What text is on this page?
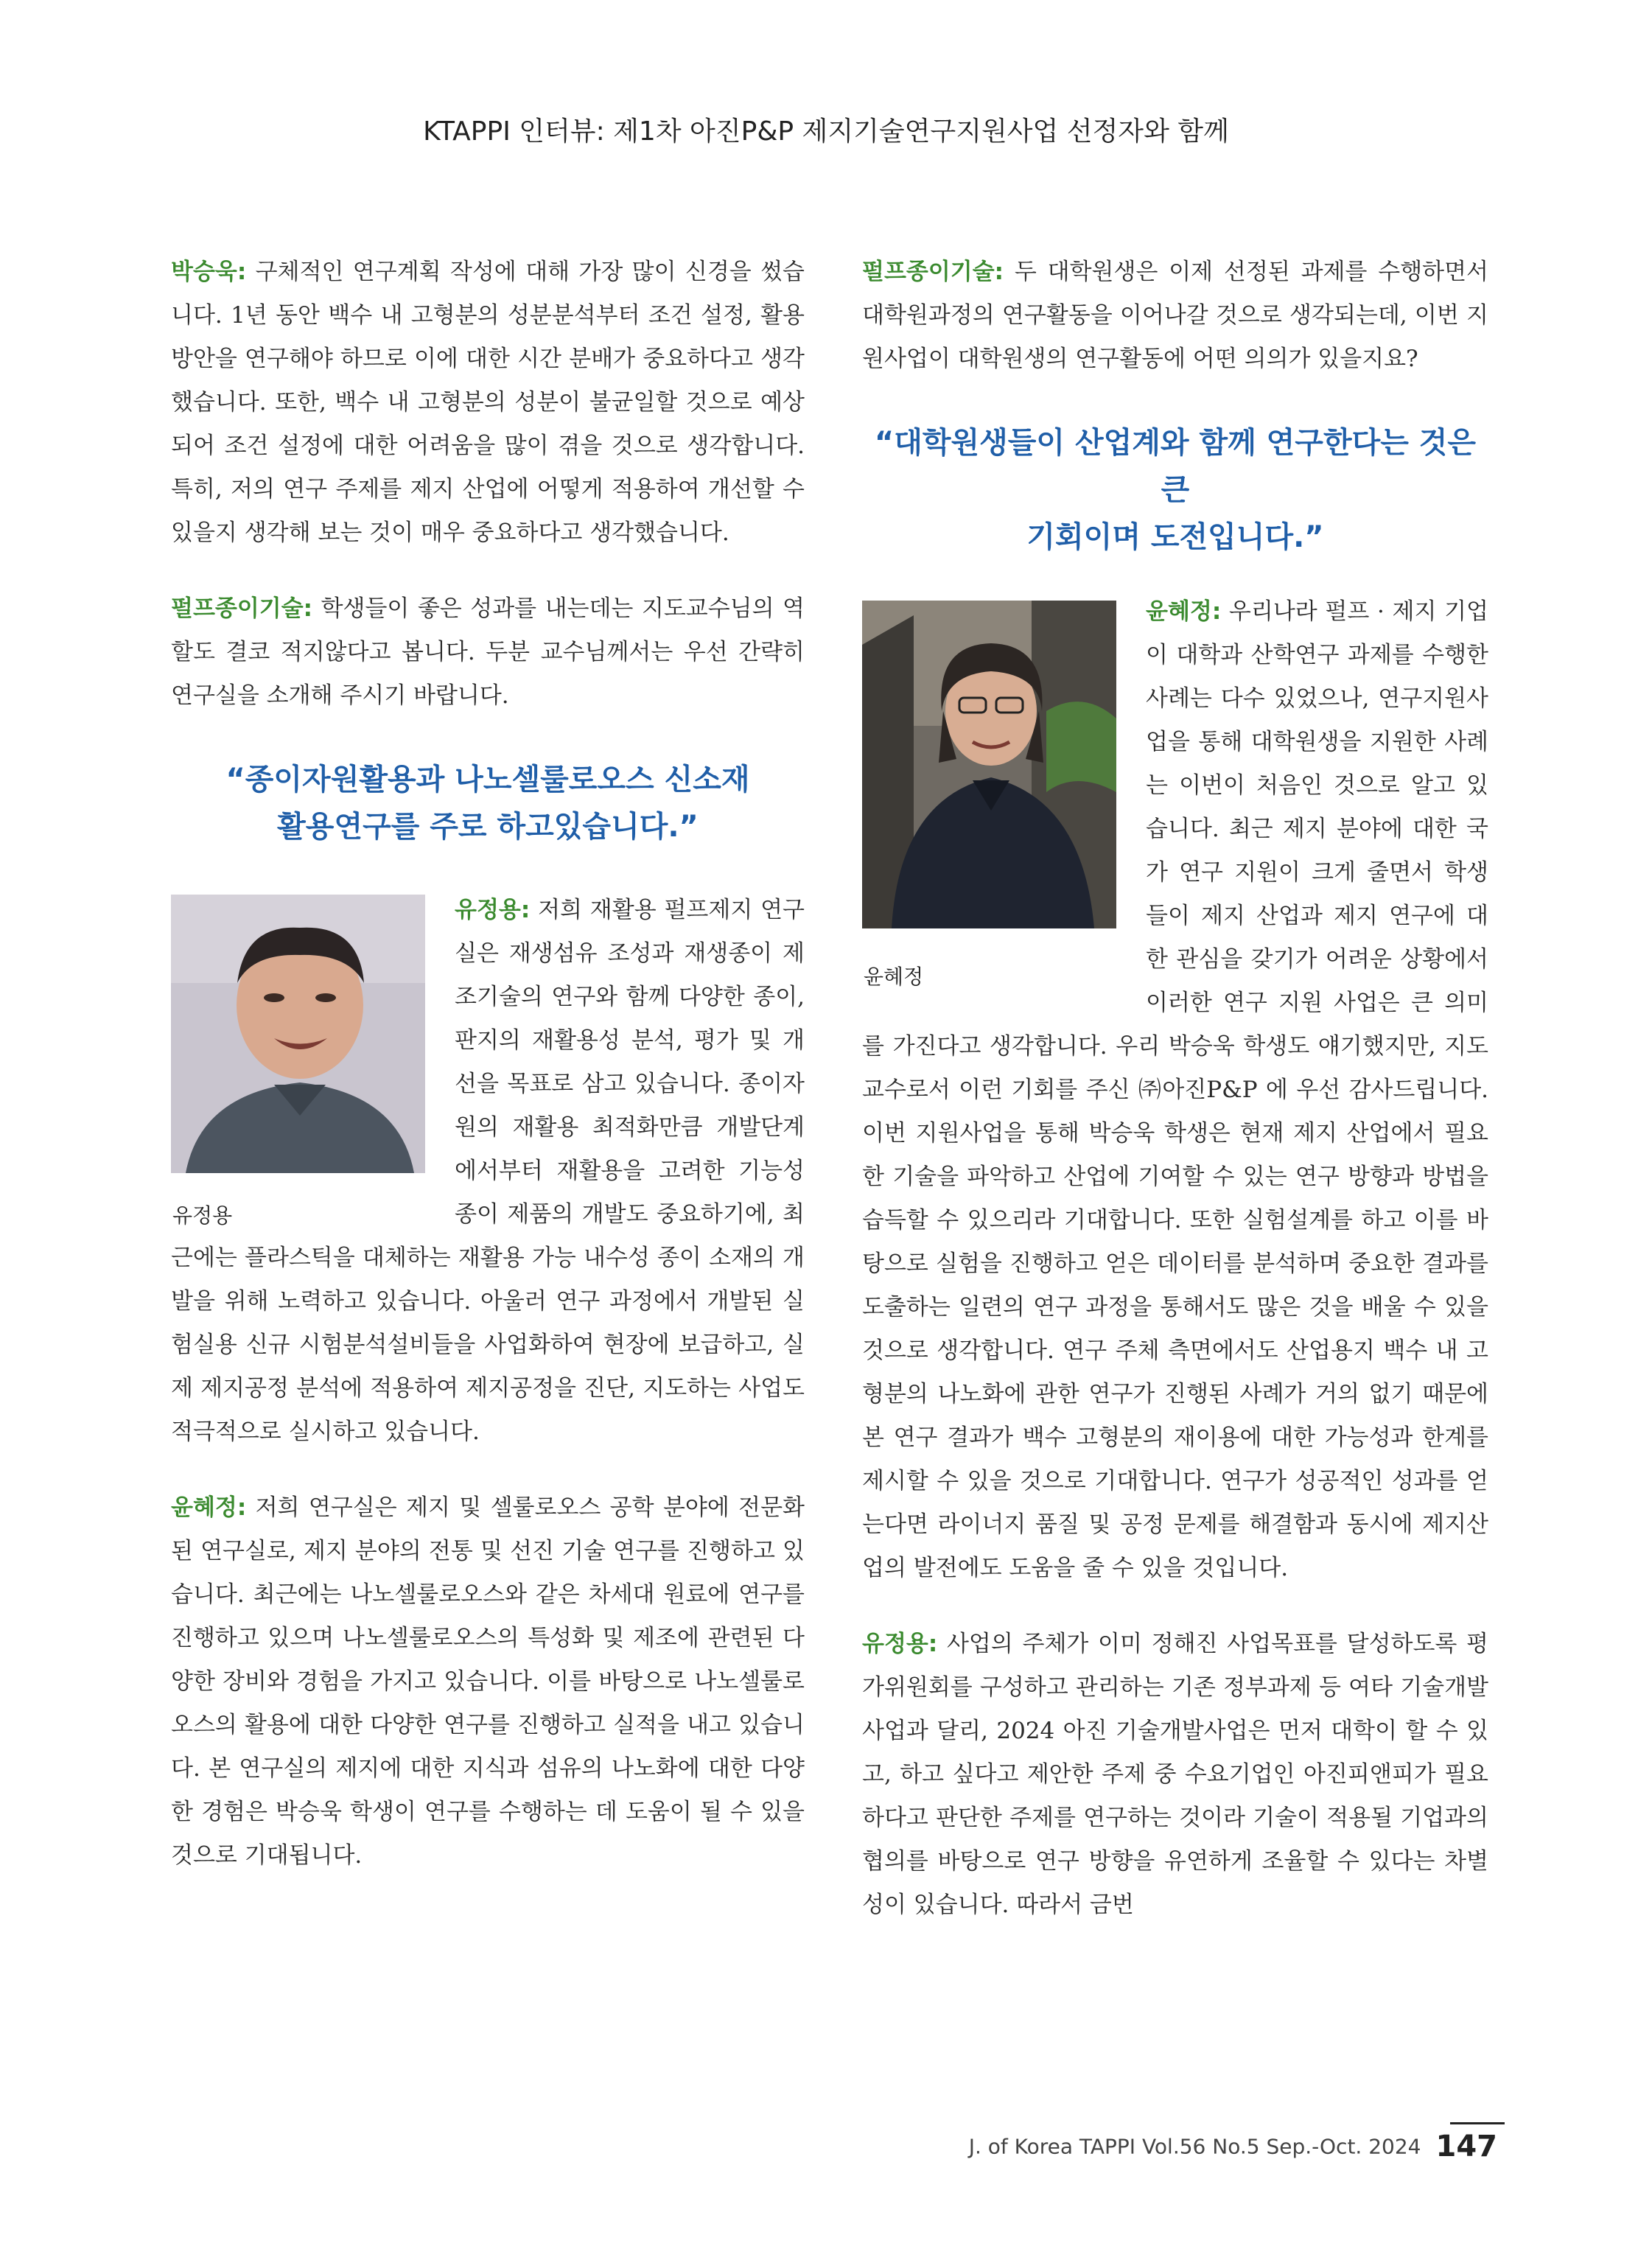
KTAPPI 인터뷰: 제1차 아진P&P 제지기술연구지원사업 선정자와 함께

박승욱: 구체적인 연구계획 작성에 대해 가장 많이 신경을 썼습니다. 1년 동안 백수 내 고형분의 성분분석부터 조건 설정, 활용 방안을 연구해야 하므로 이에 대한 시간 분배가 중요하다고 생각했습니다. 또한, 백수 내 고형분의 성분이 불균일할 것으로 예상되어 조건 설정에 대한 어려움을 많이 겪을 것으로 생각합니다. 특히, 저의 연구 주제를 제지 산업에 어떻게 적용하여 개선할 수 있을지 생각해 보는 것이 매우 중요하다고 생각했습니다.

펄프종이기술: 학생들이 좋은 성과를 내는데는 지도교수님의 역할도 결코 적지않다고 봅니다. 두분 교수님께서는 우선 간략히 연구실을 소개해 주시기 바랍니다.

“종이자원활용과 나노셀룰로오스 신소재
활용연구를 주로 하고있습니다.”
유정용

유정용: 저희 재활용 펄프제지 연구실은 재생섬유 조성과 재생종이 제조기술의 연구와 함께 다양한 종이, 판지의 재활용성 분석, 평가 및 개선을 목표로 삼고 있습니다. 종이자원의 재활용 최적화만큼 개발단계에서부터 재활용을 고려한 기능성 종이 제품의 개발도 중요하기에, 최근에는 플라스틱을 대체하는 재활용 가능 내수성 종이 소재의 개발을 위해 노력하고 있습니다. 아울러 연구 과정에서 개발된 실험실용 신규 시험분석설비들을 사업화하여 현장에 보급하고, 실제 제지공정 분석에 적용하여 제지공정을 진단, 지도하는 사업도 적극적으로 실시하고 있습니다.

윤혜정: 저희 연구실은 제지 및 셀룰로오스 공학 분야에 전문화된 연구실로, 제지 분야의 전통 및 선진 기술 연구를 진행하고 있습니다. 최근에는 나노셀룰로오스와 같은 차세대 원료에 연구를 진행하고 있으며 나노셀룰로오스의 특성화 및 제조에 관련된 다양한 장비와 경험을 가지고 있습니다. 이를 바탕으로 나노셀룰로오스의 활용에 대한 다양한 연구를 진행하고 실적을 내고 있습니다. 본 연구실의 제지에 대한 지식과 섬유의 나노화에 대한 다양한 경험은 박승욱 학생이 연구를 수행하는 데 도움이 될 수 있을 것으로 기대됩니다.

펄프종이기술: 두 대학원생은 이제 선정된 과제를 수행하면서 대학원과정의 연구활동을 이어나갈 것으로 생각되는데, 이번 지원사업이 대학원생의 연구활동에 어떤 의의가 있을지요?

“대학원생들이 산업계와 함께 연구한다는 것은 큰
기회이며 도전입니다.”
윤혜정

윤혜정: 우리나라 펄프 · 제지 기업이 대학과 산학연구 과제를 수행한 사례는 다수 있었으나, 연구지원사업을 통해 대학원생을 지원한 사례는 이번이 처음인 것으로 알고 있습니다. 최근 제지 분야에 대한 국가 연구 지원이 크게 줄면서 학생들이 제지 산업과 제지 연구에 대한 관심을 갖기가 어려운 상황에서 이러한 연구 지원 사업은 큰 의미를 가진다고 생각합니다. 우리 박승욱 학생도 얘기했지만, 지도교수로서 이런 기회를 주신 ㈜아진P&P 에 우선 감사드립니다. 이번 지원사업을 통해 박승욱 학생은 현재 제지 산업에서 필요한 기술을 파악하고 산업에 기여할 수 있는 연구 방향과 방법을 습득할 수 있으리라 기대합니다. 또한 실험설계를 하고 이를 바탕으로 실험을 진행하고 얻은 데이터를 분석하며 중요한 결과를 도출하는 일련의 연구 과정을 통해서도 많은 것을 배울 수 있을 것으로 생각합니다. 연구 주체 측면에서도 산업용지 백수 내 고형분의 나노화에 관한 연구가 진행된 사례가 거의 없기 때문에 본 연구 결과가 백수 고형분의 재이용에 대한 가능성과 한계를 제시할 수 있을 것으로 기대합니다. 연구가 성공적인 성과를 얻는다면 라이너지 품질 및 공정 문제를 해결함과 동시에 제지산업의 발전에도 도움을 줄 수 있을 것입니다.

유정용: 사업의 주체가 이미 정해진 사업목표를 달성하도록 평가위원회를 구성하고 관리하는 기존 정부과제 등 여타 기술개발사업과 달리, 2024 아진 기술개발사업은 먼저 대학이 할 수 있고, 하고 싶다고 제안한 주제 중 수요기업인 아진피앤피가 필요하다고 판단한 주제를 연구하는 것이라 기술이 적용될 기업과의 협의를 바탕으로 연구 방향을 유연하게 조율할 수 있다는 차별성이 있습니다. 따라서 금번

J. of Korea TAPPI Vol.56 No.5 Sep.-Oct. 2024 147
